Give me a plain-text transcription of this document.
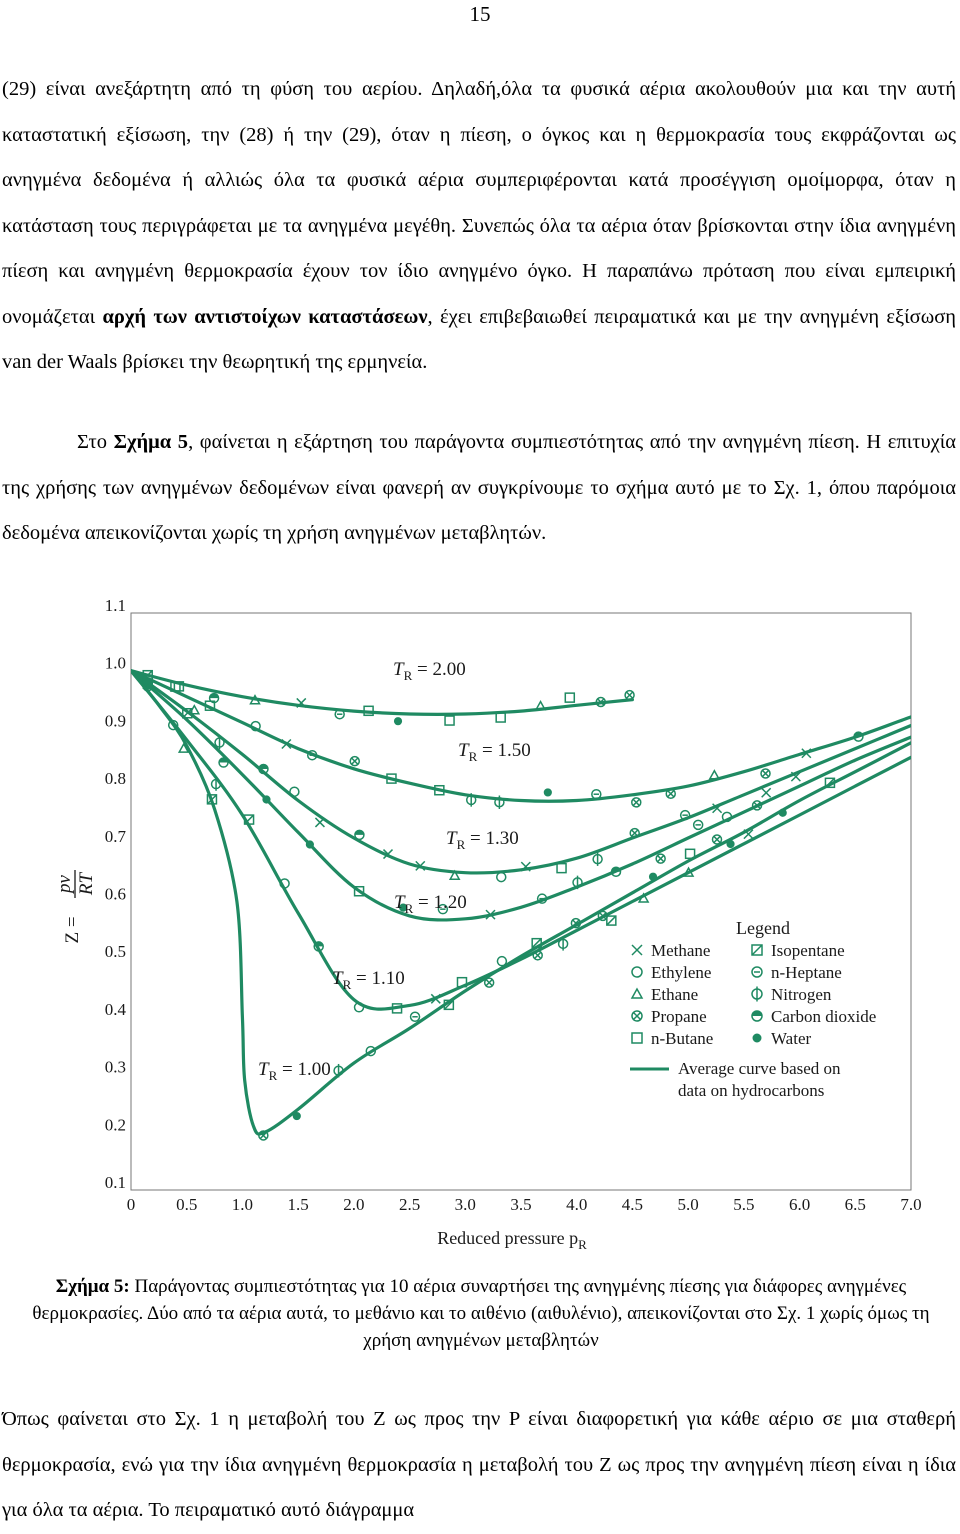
15

(29) είναι ανεξάρτητη από τη φύση του αερίου. Δηλαδή,όλα τα φυσικά αέρια ακολουθούν μια και την αυτή καταστατική εξίσωση, την (28) ή την (29), όταν η πίεση, ο όγκος και η θερμοκρασία τους εκφράζονται ως ανηγμένα δεδομένα ή αλλιώς όλα τα φυσικά αέρια συμπεριφέρονται κατά προσέγγιση ομοίμορφα, όταν η κατάσταση τους περιγράφεται με τα ανηγμένα μεγέθη. Συνεπώς όλα τα αέρια όταν βρίσκονται στην ίδια ανηγμένη πίεση και ανηγμένη θερμοκρασία έχουν τον ίδιο ανηγμένο όγκο. Η παραπάνω πρόταση που είναι εμπειρική ονομάζεται αρχή των αντιστοίχων καταστάσεων, έχει επιβεβαιωθεί πειραματικά και με την ανηγμένη εξίσωση van der Waals βρίσκει την θεωρητική της ερμηνεία.

Στο Σχήμα 5, φαίνεται η εξάρτηση του παράγοντα συμπιεστότητας από την ανηγμένη πίεση. Η επιτυχία της χρήσης των ανηγμένων δεδομένων είναι φανερή αν συγκρίνουμε το σχήμα αυτό με το Σχ. 1, όπου παρόμοια δεδομένα απεικονίζονται χωρίς τη χρήση ανηγμένων μεταβλητών.

0 0.5 1.0 1.5 2.0 2.5 3.0 3.5 4.0 4.5 5.0 5.5 6.0 6.5 7.0
0.1
0.2
0.3
0.4
0.5
0.6
0.7
0.8
0.9
1.0
1.1
$T_R = 2.00$
$T_R = 1.50$
$T_R = 1.30$
$T_R = 1.20$
$T_R = 1.10$
$T_R = 1.00$
Legend
Methane
Ethylene
Ethane
Propane
n-Butane
Isopentane
n-Heptane
Nitrogen
Carbon dioxide
Water
Average curve based on
data on hydrocarbons
Reduced pressure $p_R$
Z =
pv RT

Σχήμα 5: Παράγοντας συμπιεστότητας για 10 αέρια συναρτήσει της ανηγμένης πίεσης για διάφορες ανηγμένες θερμοκρασίες. Δύο από τα αέρια αυτά, το μεθάνιο και το αιθένιο (αιθυλένιο), απεικονίζονται στο Σχ. 1 χωρίς όμως τη χρήση ανηγμένων μεταβλητών

Όπως φαίνεται στο Σχ. 1 η μεταβολή του Z ως προς την P είναι διαφορετική για κάθε αέριο σε μια σταθερή θερμοκρασία, ενώ για την ίδια ανηγμένη θερμοκρασία η μεταβολή του Z ως προς την ανηγμένη πίεση είναι η ίδια για όλα τα αέρια. Το πειραματικό αυτό διάγραμμα
